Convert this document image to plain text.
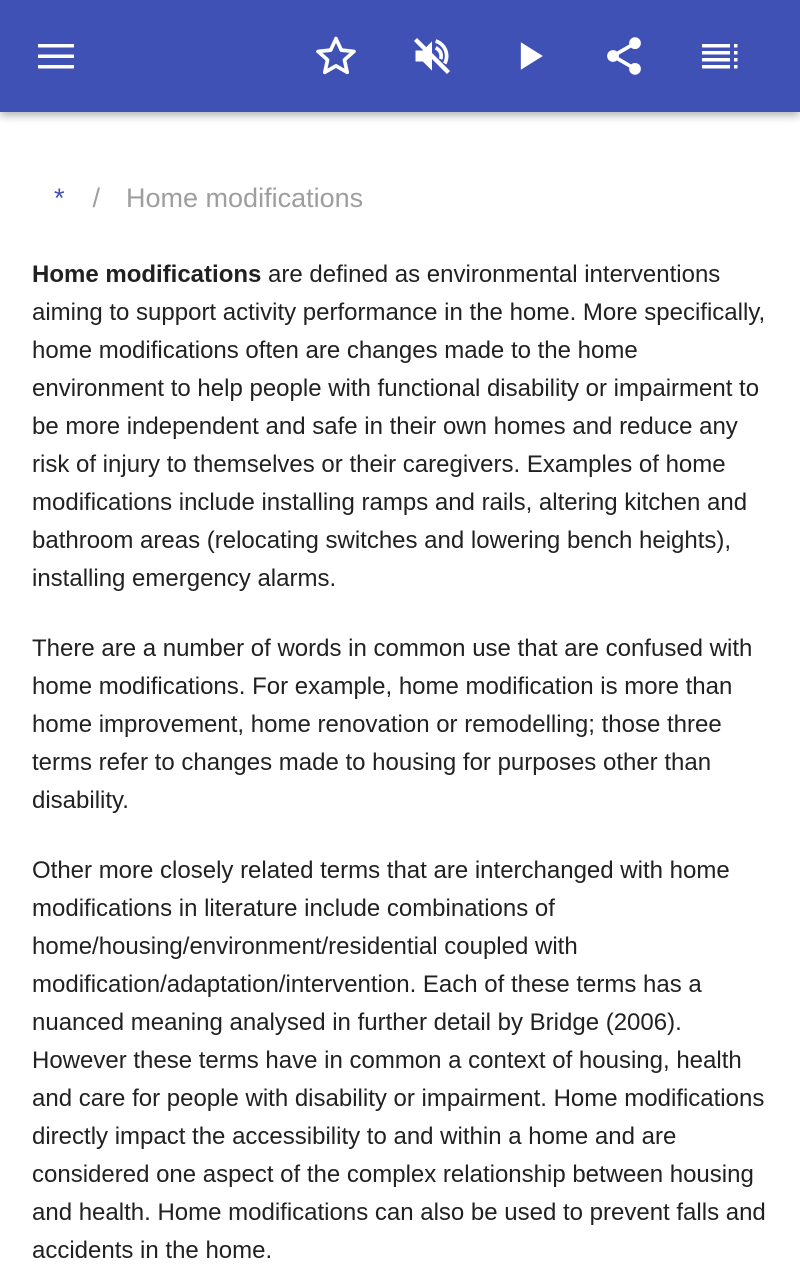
* / Home modifications

Home modifications are defined as environmental interventions aiming to support activity performance in the home. More specifically, home modifications often are changes made to the home environment to help people with functional disability or impairment to be more independent and safe in their own homes and reduce any risk of injury to themselves or their caregivers. Examples of home modifications include installing ramps and rails, altering kitchen and bathroom areas (relocating switches and lowering bench heights), installing emergency alarms.

There are a number of words in common use that are confused with home modifications. For example, home modification is more than home improvement, home renovation or remodelling; those three terms refer to changes made to housing for purposes other than disability.

Other more closely related terms that are interchanged with home modifications in literature include combinations of home/housing/environment/residential coupled with modification/adaptation/intervention. Each of these terms has a nuanced meaning analysed in further detail by Bridge (2006). However these terms have in common a context of housing, health and care for people with disability or impairment. Home modifications directly impact the accessibility to and within a home and are considered one aspect of the complex relationship between housing and health. Home modifications can also be used to prevent falls and accidents in the home.
